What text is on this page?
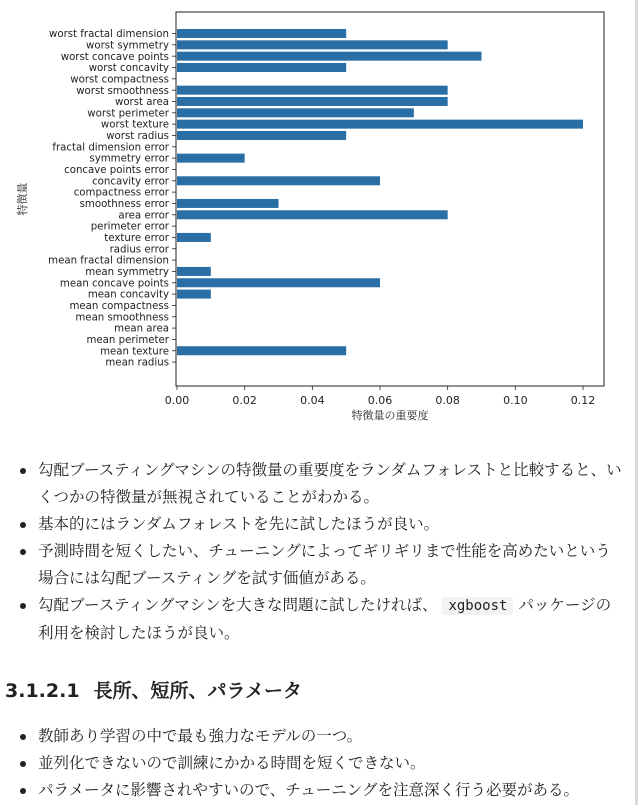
worst fractal dimension
worst symmetry
worst concave points
worst concavity
worst compactness
worst smoothness
worst area
worst perimeter
worst texture
worst radius
fractal dimension error
symmetry error
concave points error
concavity error
compactness error
smoothness error
area error
perimeter error
texture error
radius error
mean fractal dimension
mean symmetry
mean concave points
mean concavity
mean compactness
mean smoothness
mean area
mean perimeter
mean texture
mean radius
0.00	0.02	0.04	0.06	0.08	0.10	0.12
特徴量の重要度
特徴量
勾配ブースティングマシンの特徴量の重要度をランダムフォレストと比較すると、いくつかの特徴量が無視されていることがわかる。
基本的にはランダムフォレストを先に試したほうが良い。
予測時間を短くしたい、チューニングによってギリギリまで性能を高めたいという場合には勾配ブースティングを試す価値がある。
勾配ブースティングマシンを大きな問題に試したければ、 xgboost パッケージの利用を検討したほうが良い。
3.1.2.1 長所、短所、パラメータ
教師あり学習の中で最も強力なモデルの一つ。
並列化できないので訓練にかかる時間を短くできない。
パラメータに影響されやすいので、チューニングを注意深く行う必要がある。
